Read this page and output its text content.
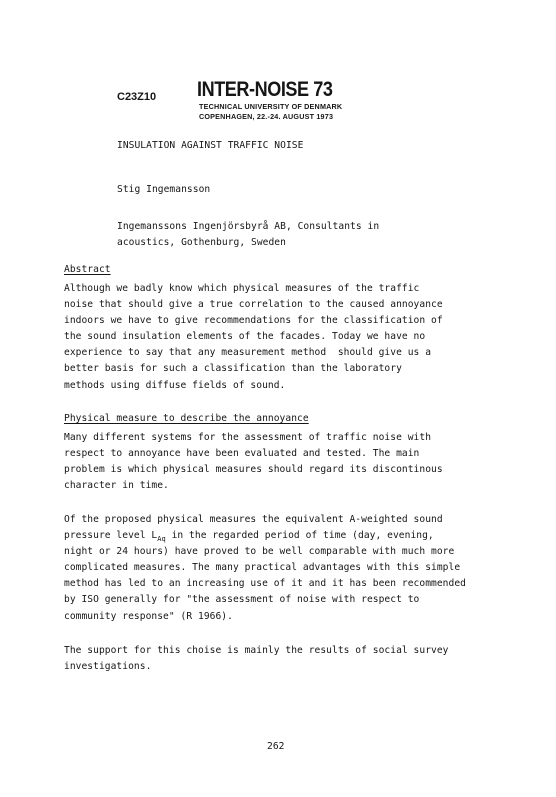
C23Z10 INTER-NOISE 73
TECHNICAL UNIVERSITY OF DENMARK
COPENHAGEN, 22.-24. AUGUST 1973
INSULATION AGAINST TRAFFIC NOISE
Stig Ingemansson
Ingemanssons Ingenjörsbyrå AB, Consultants in
acoustics, Gothenburg, Sweden
Abstract
Although we badly know which physical measures of the traffic
noise that should give a true correlation to the caused annoyance
indoors we have to give recommendations for the classification of
the sound insulation elements of the facades. Today we have no
experience to say that any measurement method  should give us a
better basis for such a classification than the laboratory
methods using diffuse fields of sound.
Physical measure to describe the annoyance
Many different systems for the assessment of traffic noise with
respect to annoyance have been evaluated and tested. The main
problem is which physical measures should regard its discontinous
character in time.
Of the proposed physical measures the equivalent A-weighted sound
pressure level $L_{Aq}$ in the regarded period of time (day, evening,
night or 24 hours) have proved to be well comparable with much more
complicated measures. The many practical advantages with this simple
method has led to an increasing use of it and it has been recommended
by ISO generally for "the assessment of noise with respect to
community response" (R 1966).
The support for this choise is mainly the results of social survey
investigations.
262
